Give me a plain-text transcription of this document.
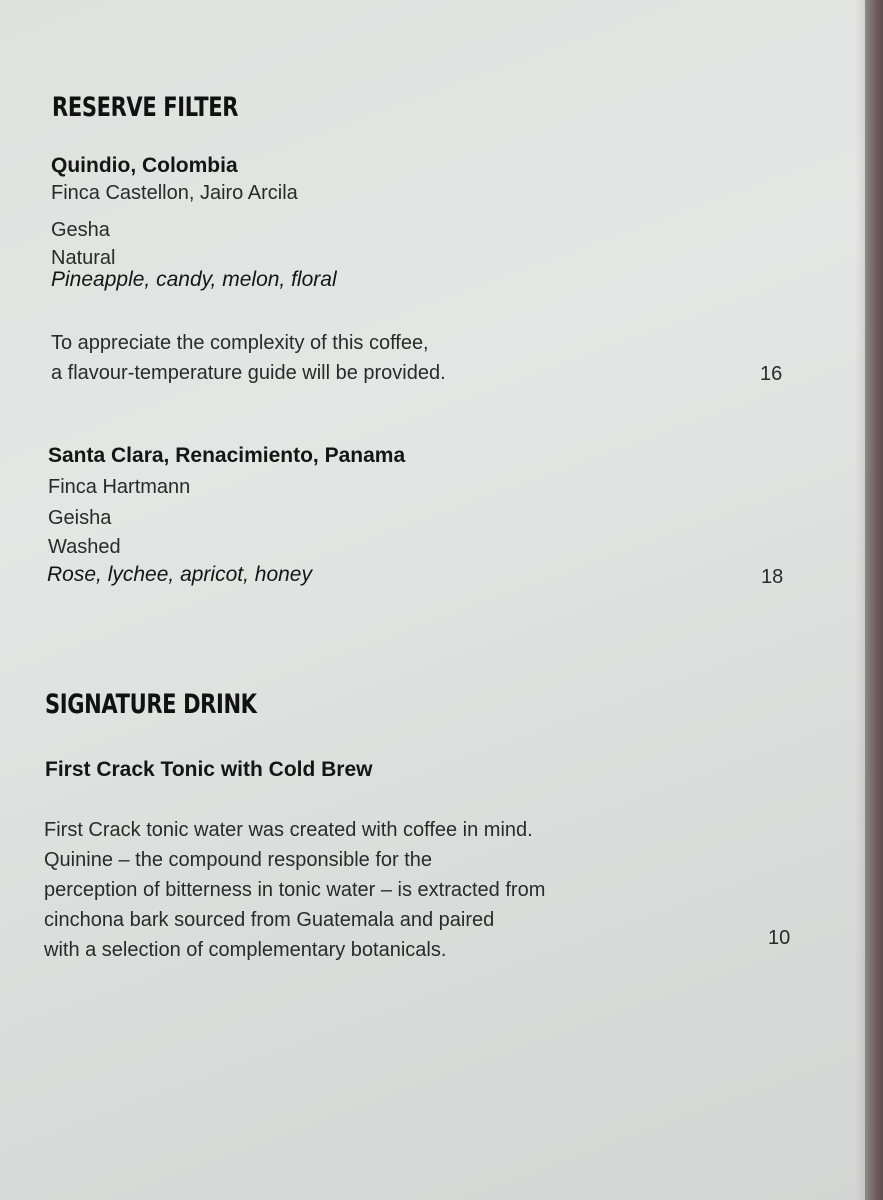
RESERVE FILTER
Quindio, Colombia
Finca Castellon, Jairo Arcila
Gesha
Natural
Pineapple, candy, melon, floral
To appreciate the complexity of this coffee,
a flavour-temperature guide will be provided.	16
Santa Clara, Renacimiento, Panama
Finca Hartmann
Geisha
Washed
Rose, lychee, apricot, honey	18
SIGNATURE DRINK
First Crack Tonic with Cold Brew
First Crack tonic water was created with coffee in mind.
Quinine – the compound responsible for the
perception of bitterness in tonic water – is extracted from
cinchona bark sourced from Guatemala and paired
with a selection of complementary botanicals.
10
